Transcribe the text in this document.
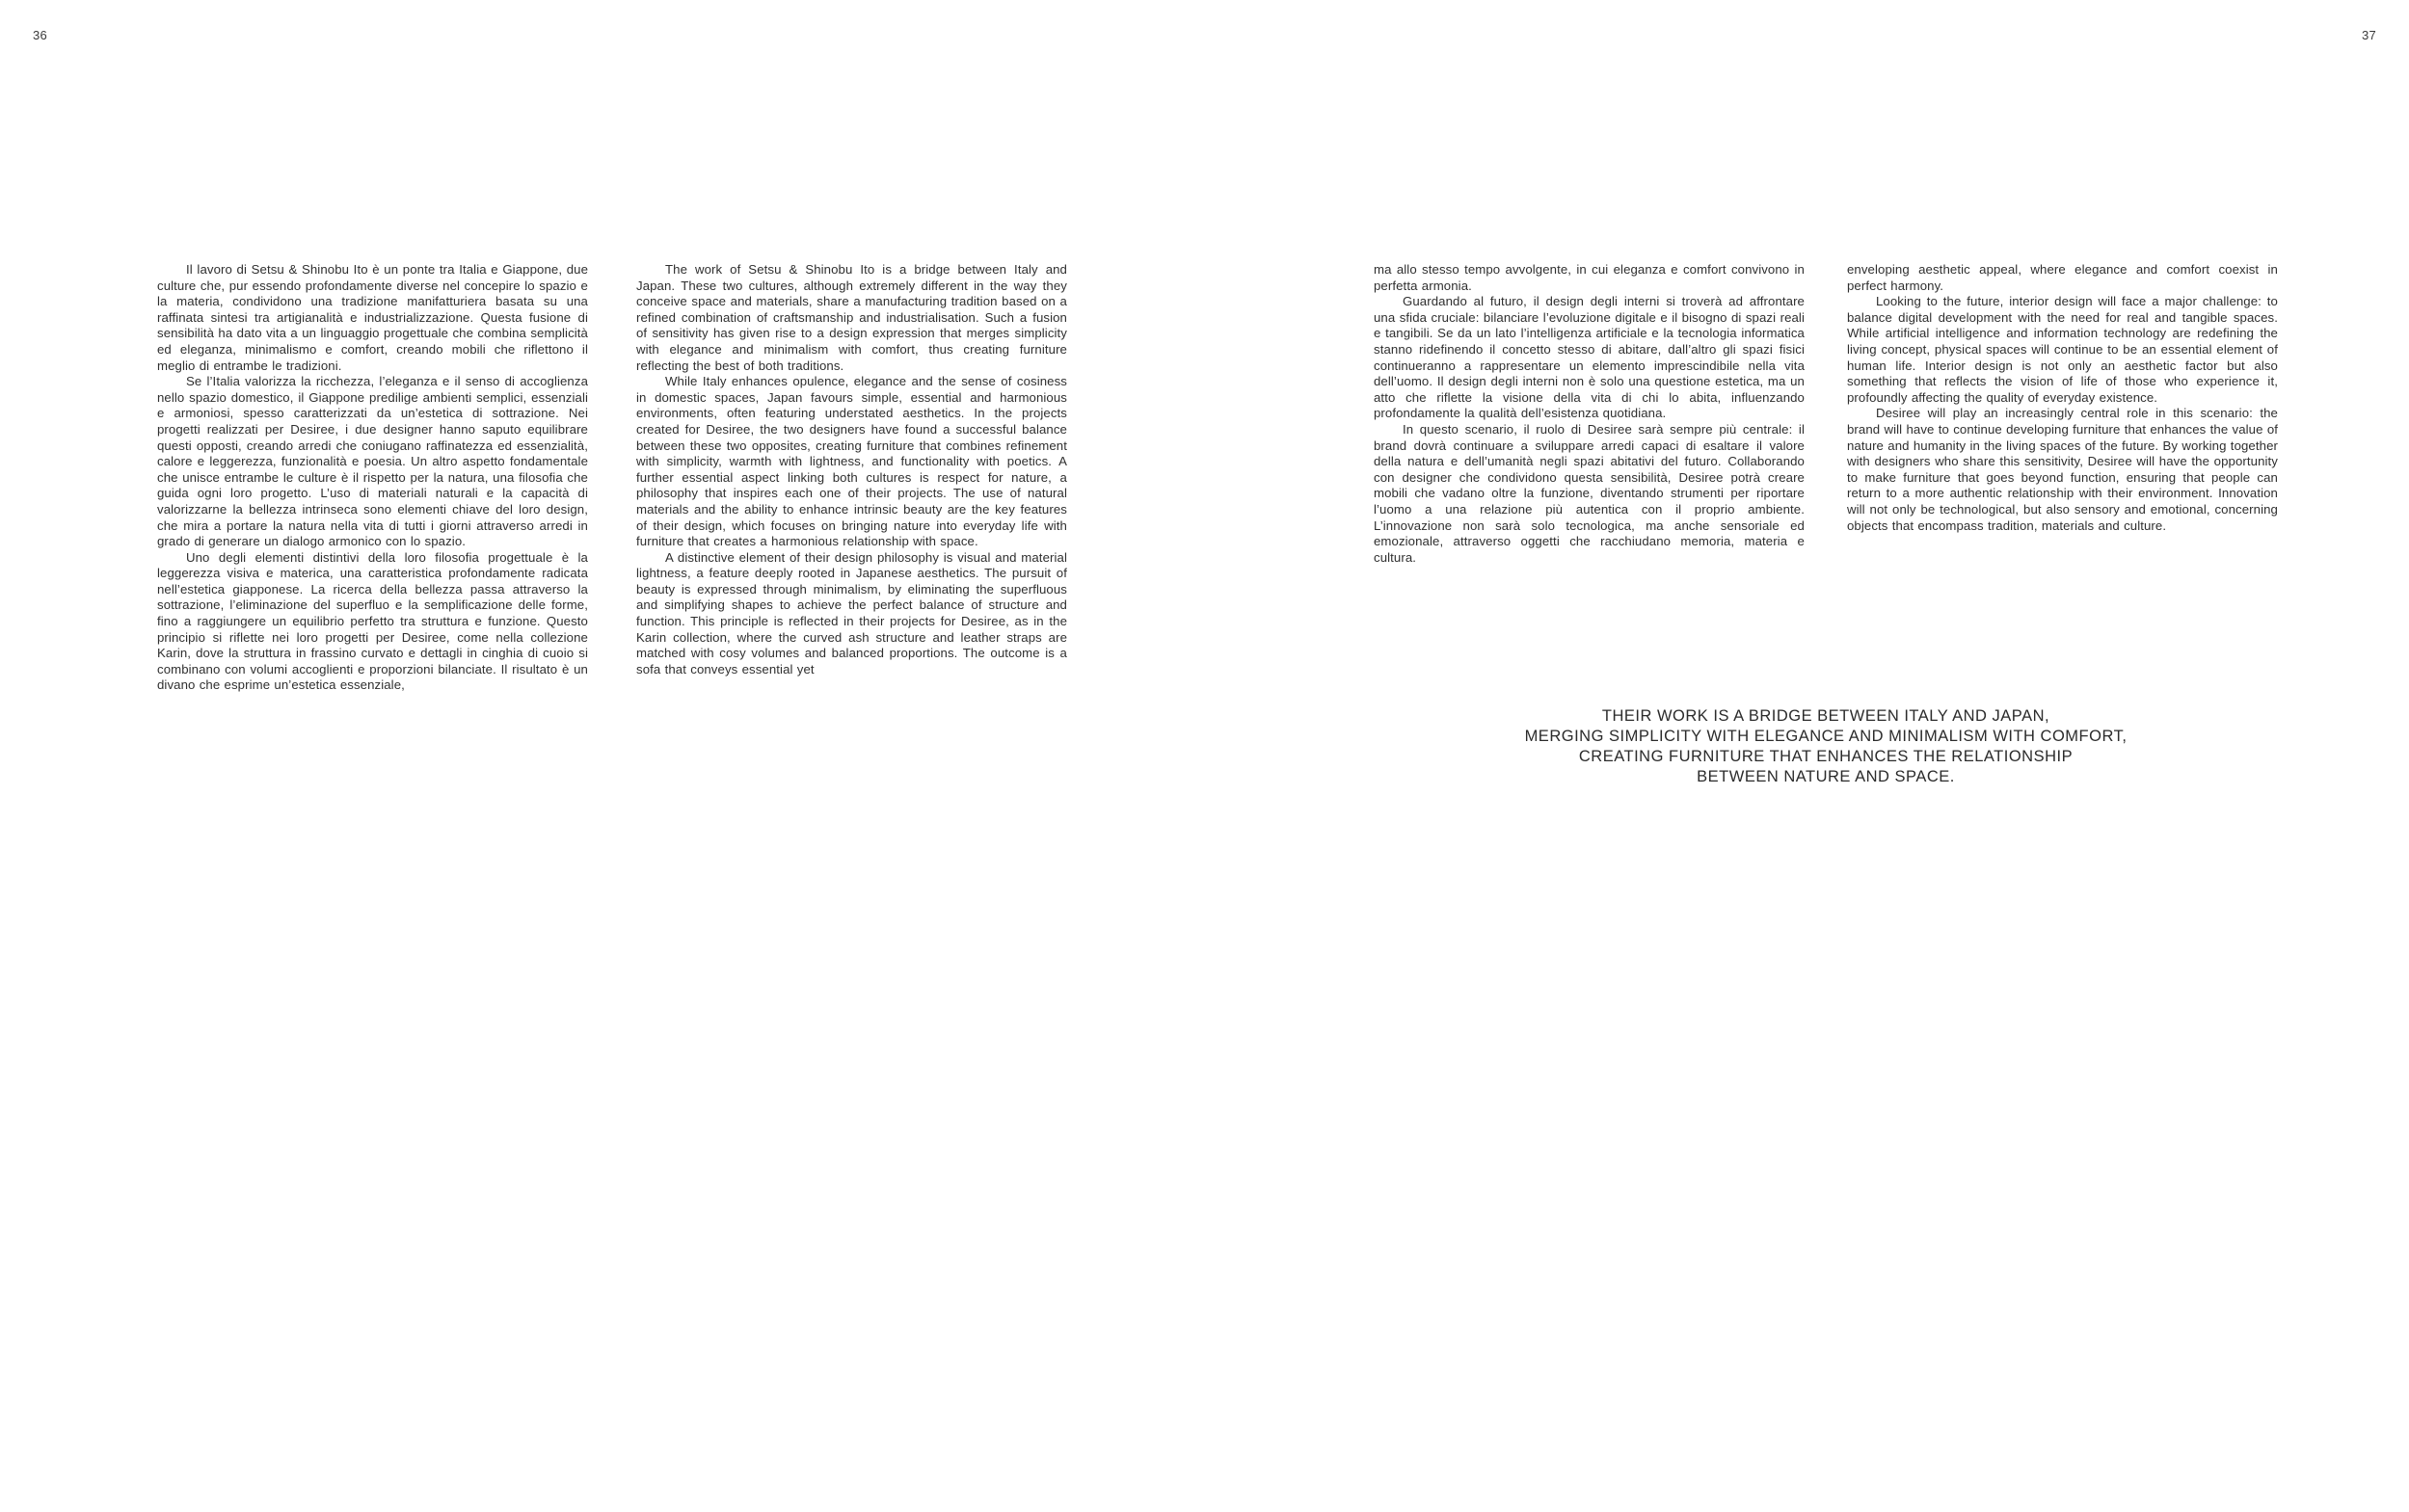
36	37

Il lavoro di Setsu & Shinobu Ito è un ponte tra Italia e Giappone, due culture che, pur essendo profondamente diverse nel concepire lo spazio e la materia, condividono una tradizione manifatturiera basata su una raffinata sintesi tra artigianalità e industrializzazione. Questa fusione di sensibilità ha dato vita a un linguaggio progettuale che combina semplicità ed eleganza, minimalismo e comfort, creando mobili che riflettono il meglio di entrambe le tradizioni.

Se l’Italia valorizza la ricchezza, l’eleganza e il senso di accoglienza nello spazio domestico, il Giappone predilige ambienti semplici, essenziali e armoniosi, spesso caratterizzati da un’estetica di sottrazione. Nei progetti realizzati per Desiree, i due designer hanno saputo equilibrare questi opposti, creando arredi che coniugano raffinatezza ed essenzialità, calore e leggerezza, funzionalità e poesia. Un altro aspetto fondamentale che unisce entrambe le culture è il rispetto per la natura, una filosofia che guida ogni loro progetto. L’uso di materiali naturali e la capacità di valorizzarne la bellezza intrinseca sono elementi chiave del loro design, che mira a portare la natura nella vita di tutti i giorni attraverso arredi in grado di generare un dialogo armonico con lo spazio.

Uno degli elementi distintivi della loro filosofia progettuale è la leggerezza visiva e materica, una caratteristica profondamente radicata nell’estetica giapponese. La ricerca della bellezza passa attraverso la sottrazione, l’eliminazione del superfluo e la semplificazione delle forme, fino a raggiungere un equilibrio perfetto tra struttura e funzione. Questo principio si riflette nei loro progetti per Desiree, come nella collezione Karin, dove la struttura in frassino curvato e dettagli in cinghia di cuoio si combinano con volumi accoglienti e proporzioni bilanciate. Il risultato è un divano che esprime un’estetica essenziale,

The work of Setsu & Shinobu Ito is a bridge between Italy and Japan. These two cultures, although extremely different in the way they conceive space and materials, share a manufacturing tradition based on a refined combination of craftsmanship and industrialisation. Such a fusion of sensitivity has given rise to a design expression that merges simplicity with elegance and minimalism with comfort, thus creating furniture reflecting the best of both traditions.

While Italy enhances opulence, elegance and the sense of cosiness in domestic spaces, Japan favours simple, essential and harmonious environments, often featuring understated aesthetics. In the projects created for Desiree, the two designers have found a successful balance between these two opposites, creating furniture that combines refinement with simplicity, warmth with lightness, and functionality with poetics. A further essential aspect linking both cultures is respect for nature, a philosophy that inspires each one of their projects. The use of natural materials and the ability to enhance intrinsic beauty are the key features of their design, which focuses on bringing nature into everyday life with furniture that creates a harmonious relationship with space.

A distinctive element of their design philosophy is visual and material lightness, a feature deeply rooted in Japanese aesthetics. The pursuit of beauty is expressed through minimalism, by eliminating the superfluous and simplifying shapes to achieve the perfect balance of structure and function. This principle is reflected in their projects for Desiree, as in the Karin collection, where the curved ash structure and leather straps are matched with cosy volumes and balanced proportions. The outcome is a sofa that conveys essential yet

ma allo stesso tempo avvolgente, in cui eleganza e comfort convivono in perfetta armonia.

Guardando al futuro, il design degli interni si troverà ad affrontare una sfida cruciale: bilanciare l’evoluzione digitale e il bisogno di spazi reali e tangibili. Se da un lato l’intelligenza artificiale e la tecnologia informatica stanno ridefinendo il concetto stesso di abitare, dall’altro gli spazi fisici continueranno a rappresentare un elemento imprescindibile nella vita dell’uomo. Il design degli interni non è solo una questione estetica, ma un atto che riflette la visione della vita di chi lo abita, influenzando profondamente la qualità dell’esistenza quotidiana.

In questo scenario, il ruolo di Desiree sarà sempre più centrale: il brand dovrà continuare a sviluppare arredi capaci di esaltare il valore della natura e dell’umanità negli spazi abitativi del futuro. Collaborando con designer che condividono questa sensibilità, Desiree potrà creare mobili che vadano oltre la funzione, diventando strumenti per riportare l’uomo a una relazione più autentica con il proprio ambiente. L’innovazione non sarà solo tecnologica, ma anche sensoriale ed emozionale, attraverso oggetti che racchiudano memoria, materia e cultura.

enveloping aesthetic appeal, where elegance and comfort coexist in perfect harmony.

Looking to the future, interior design will face a major challenge: to balance digital development with the need for real and tangible spaces. While artificial intelligence and information technology are redefining the living concept, physical spaces will continue to be an essential element of human life. Interior design is not only an aesthetic factor but also something that reflects the vision of life of those who experience it, profoundly affecting the quality of everyday existence.

Desiree will play an increasingly central role in this scenario: the brand will have to continue developing furniture that enhances the value of nature and humanity in the living spaces of the future. By working together with designers who share this sensitivity, Desiree will have the opportunity to make furniture that goes beyond function, ensuring that people can return to a more authentic relationship with their environment. Innovation will not only be technological, but also sensory and emotional, concerning objects that encompass tradition, materials and culture.

THEIR WORK IS A BRIDGE BETWEEN ITALY AND JAPAN,
MERGING SIMPLICITY WITH ELEGANCE AND MINIMALISM WITH COMFORT,
CREATING FURNITURE THAT ENHANCES THE RELATIONSHIP
BETWEEN NATURE AND SPACE.
